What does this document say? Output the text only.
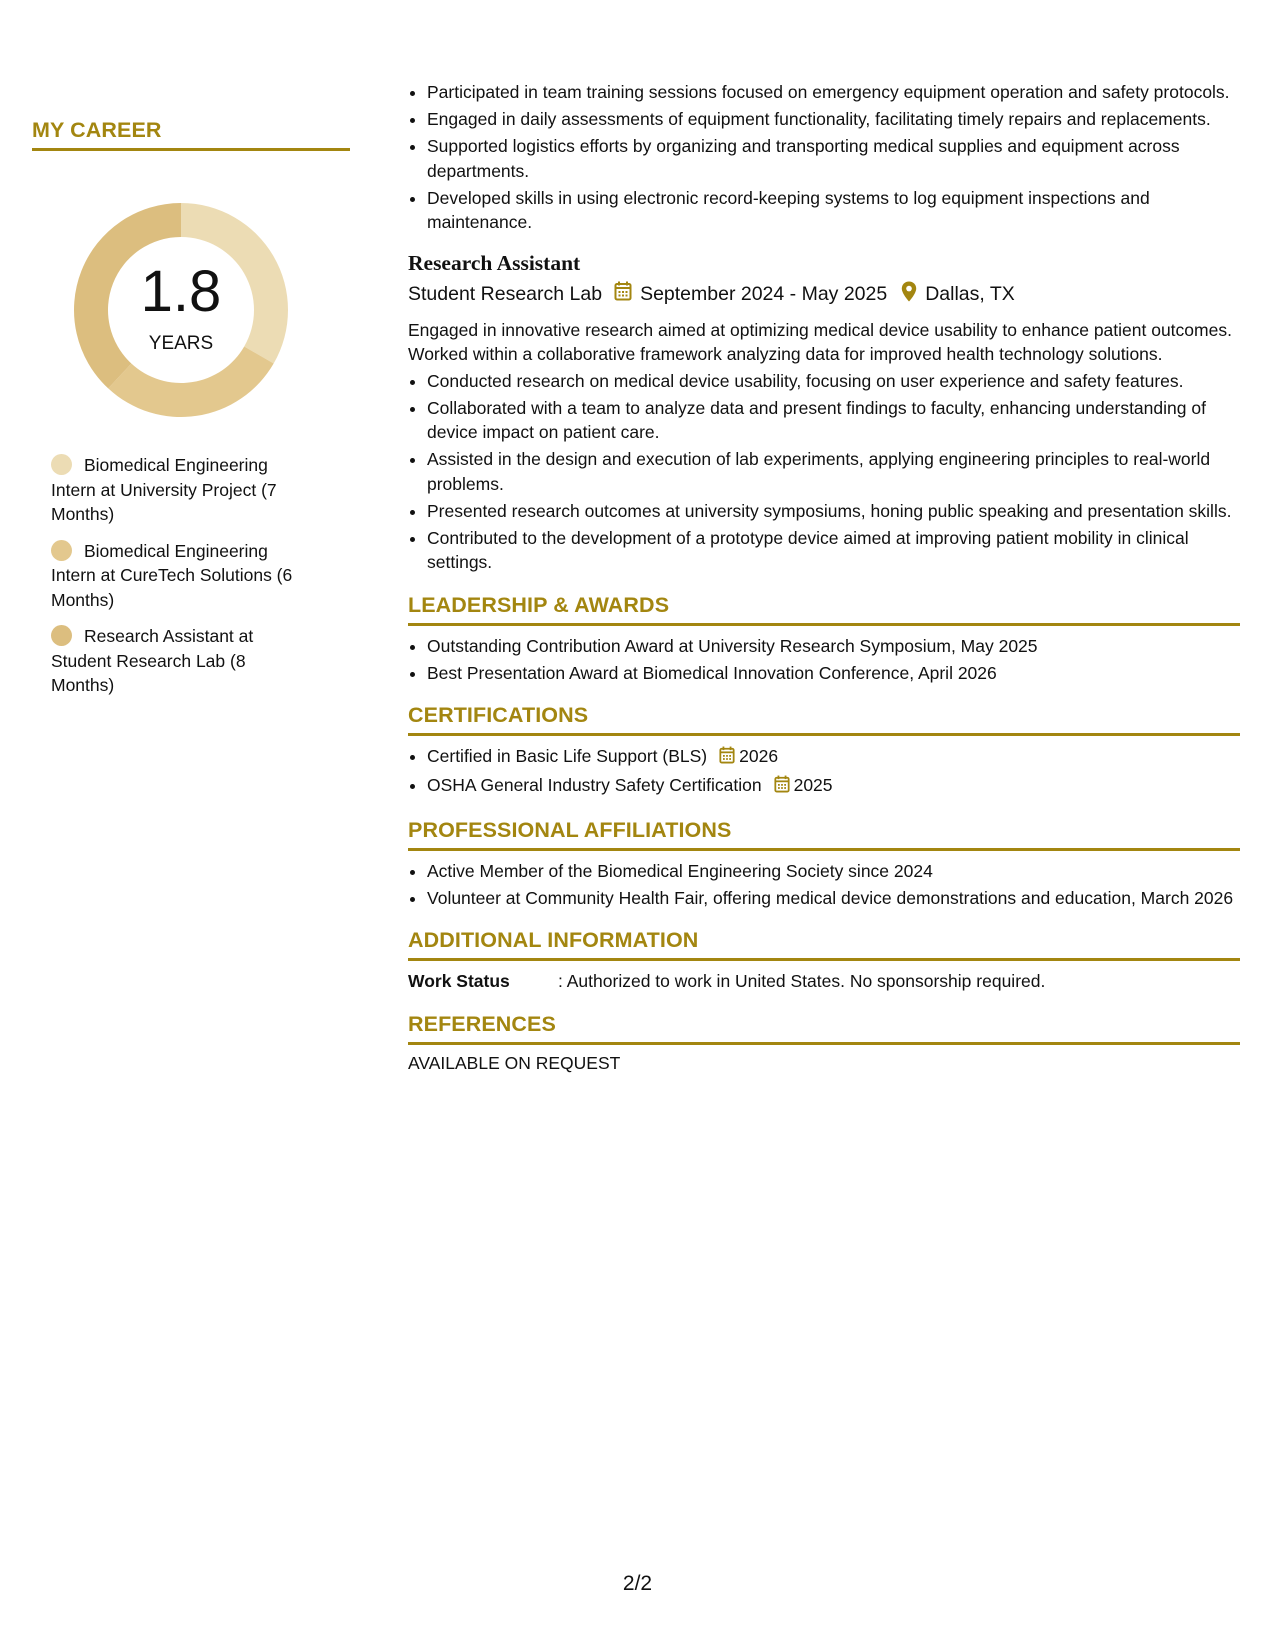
MY CAREER
1.8
YEARS
Biomedical Engineering Intern at University Project (7 Months)
Biomedical Engineering Intern at CureTech Solutions (6 Months)
Research Assistant at Student Research Lab (8 Months)
• Participated in team training sessions focused on emergency equipment operation and safety protocols.
• Engaged in daily assessments of equipment functionality, facilitating timely repairs and replacements.
• Supported logistics efforts by organizing and transporting medical supplies and equipment across departments.
• Developed skills in using electronic record-keeping systems to log equipment inspections and maintenance.
Research Assistant
Student Research Lab September 2024 - May 2025 Dallas, TX
Engaged in innovative research aimed at optimizing medical device usability to enhance patient outcomes. Worked within a collaborative framework analyzing data for improved health technology solutions.
• Conducted research on medical device usability, focusing on user experience and safety features.
• Collaborated with a team to analyze data and present findings to faculty, enhancing understanding of device impact on patient care.
• Assisted in the design and execution of lab experiments, applying engineering principles to real-world problems.
• Presented research outcomes at university symposiums, honing public speaking and presentation skills.
• Contributed to the development of a prototype device aimed at improving patient mobility in clinical settings.
LEADERSHIP & AWARDS
• Outstanding Contribution Award at University Research Symposium, May 2025
• Best Presentation Award at Biomedical Innovation Conference, April 2026
CERTIFICATIONS
• Certified in Basic Life Support (BLS) 2026
• OSHA General Industry Safety Certification 2025
PROFESSIONAL AFFILIATIONS
• Active Member of the Biomedical Engineering Society since 2024
• Volunteer at Community Health Fair, offering medical device demonstrations and education, March 2026
ADDITIONAL INFORMATION
Work Status	: Authorized to work in United States. No sponsorship required.
REFERENCES
AVAILABLE ON REQUEST
2/2
